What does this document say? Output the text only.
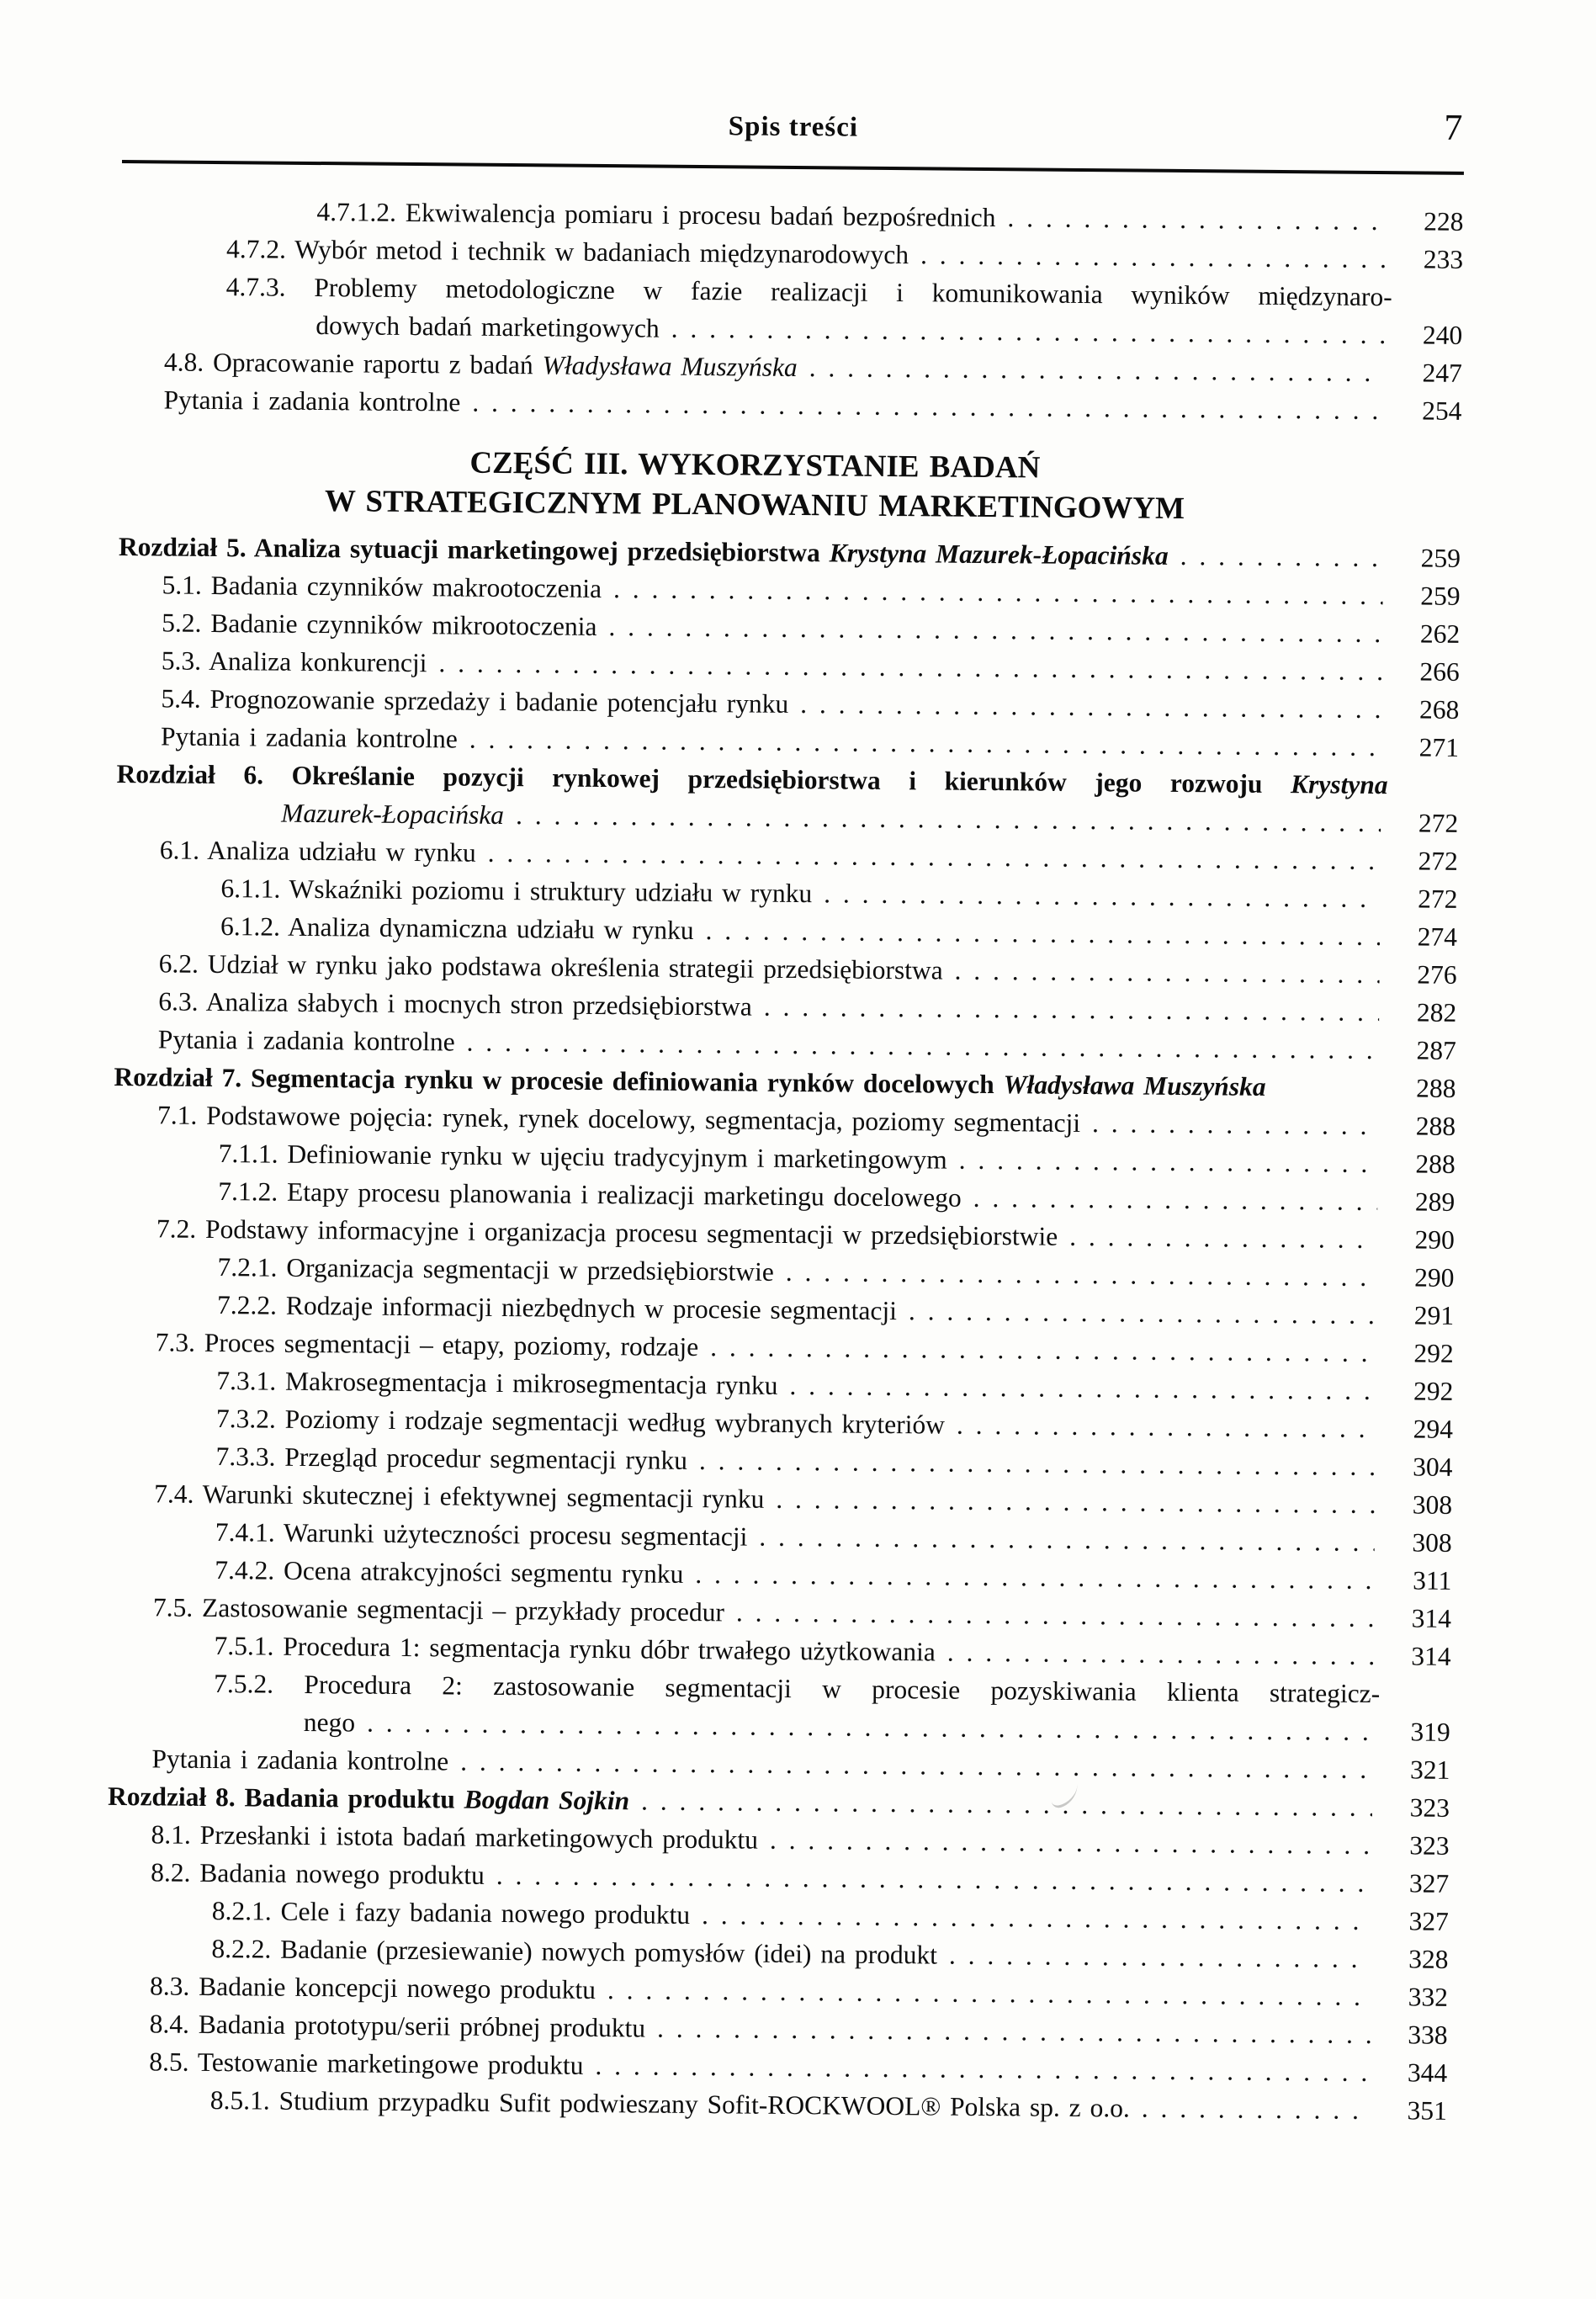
Spis treści	7
4.7.1.2. Ekwiwalencja pomiaru i procesu badań bezpośrednich . . .	228
4.7.2. Wybór metod i technik w badaniach międzynarodowych . . .	233
4.7.3. Problemy metodologiczne w fazie realizacji i komunikowania wyników międzynaro-
dowych badań marketingowych . . .	240
4.8. Opracowanie raportu z badań Władysława Muszyńska . . .	247
Pytania i zadania kontrolne . . .	254
CZĘŚĆ III. WYKORZYSTANIE BADAŃ
W STRATEGICZNYM PLANOWANIU MARKETINGOWYM
Rozdział 5. Analiza sytuacji marketingowej przedsiębiorstwa Krystyna Mazurek-Łopacińska . . .	259
5.1. Badania czynników makrootoczenia . . .	259
5.2. Badanie czynników mikrootoczenia . . .	262
5.3. Analiza konkurencji . . .	266
5.4. Prognozowanie sprzedaży i badanie potencjału rynku . . .	268
Pytania i zadania kontrolne . . .	271
Rozdział 6. Określanie pozycji rynkowej przedsiębiorstwa i kierunków jego rozwoju Krystyna
Mazurek-Łopacińska . . .	272
6.1. Analiza udziału w rynku . . .	272
6.1.1. Wskaźniki poziomu i struktury udziału w rynku . . .	272
6.1.2. Analiza dynamiczna udziału w rynku . . .	274
6.2. Udział w rynku jako podstawa określenia strategii przedsiębiorstwa . . .	276
6.3. Analiza słabych i mocnych stron przedsiębiorstwa . . .	282
Pytania i zadania kontrolne . . .	287
Rozdział 7. Segmentacja rynku w procesie definiowania rynków docelowych Władysława Muszyńska	288
7.1. Podstawowe pojęcia: rynek, rynek docelowy, segmentacja, poziomy segmentacji . . .	288
7.1.1. Definiowanie rynku w ujęciu tradycyjnym i marketingowym . . .	288
7.1.2. Etapy procesu planowania i realizacji marketingu docelowego . . .	289
7.2. Podstawy informacyjne i organizacja procesu segmentacji w przedsiębiorstwie . . .	290
7.2.1. Organizacja segmentacji w przedsiębiorstwie . . .	290
7.2.2. Rodzaje informacji niezbędnych w procesie segmentacji . . .	291
7.3. Proces segmentacji – etapy, poziomy, rodzaje . . .	292
7.3.1. Makrosegmentacja i mikrosegmentacja rynku . . .	292
7.3.2. Poziomy i rodzaje segmentacji według wybranych kryteriów . . .	294
7.3.3. Przegląd procedur segmentacji rynku . . .	304
7.4. Warunki skutecznej i efektywnej segmentacji rynku . . .	308
7.4.1. Warunki użyteczności procesu segmentacji . . .	308
7.4.2. Ocena atrakcyjności segmentu rynku . . .	311
7.5. Zastosowanie segmentacji – przykłady procedur . . .	314
7.5.1. Procedura 1: segmentacja rynku dóbr trwałego użytkowania . . .	314
7.5.2. Procedura 2: zastosowanie segmentacji w procesie pozyskiwania klienta strategicz-
nego . . .	319
Pytania i zadania kontrolne . . .	321
Rozdział 8. Badania produktu Bogdan Sojkin . . .	323
8.1. Przesłanki i istota badań marketingowych produktu . . .	323
8.2. Badania nowego produktu . . .	327
8.2.1. Cele i fazy badania nowego produktu . . .	327
8.2.2. Badanie (przesiewanie) nowych pomysłów (idei) na produkt . . .	328
8.3. Badanie koncepcji nowego produktu . . .	332
8.4. Badania prototypu/serii próbnej produktu . . .	338
8.5. Testowanie marketingowe produktu . . .	344
8.5.1. Studium przypadku Sufit podwieszany Sofit-ROCKWOOL® Polska sp. z o.o. . . .	351
